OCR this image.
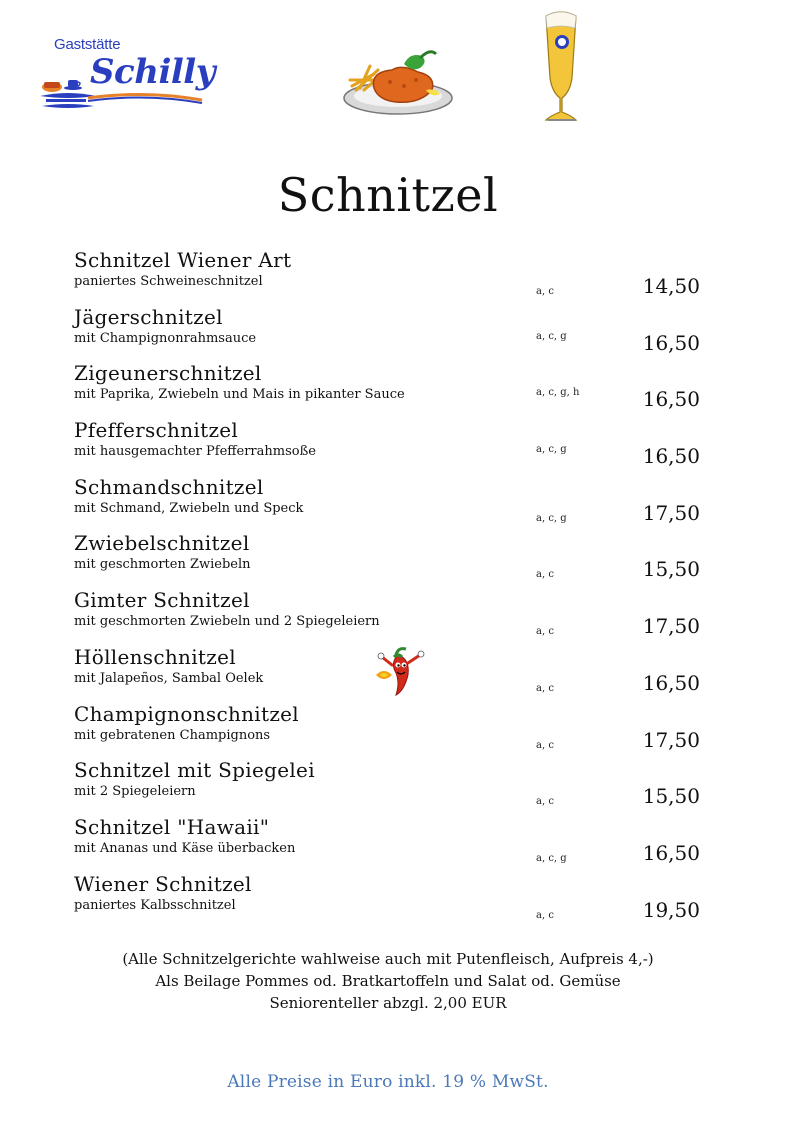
Gaststätte
Schilly
Schnitzel
Schnitzel Wiener Art
paniertes Schweineschnitzel
a, c	14,50
Jägerschnitzel
mit Champignonrahmsauce	a, c, g	16,50
Zigeunerschnitzel
mit Paprika, Zwiebeln und Mais in pikanter Sauce	a, c, g, h	16,50
Pfefferschnitzel
mit hausgemachter Pfefferrahmsoße	a, c, g	16,50
Schmandschnitzel
mit Schmand, Zwiebeln und Speck
a, c, g	17,50
Zwiebelschnitzel
mit geschmorten Zwiebeln
a, c	15,50
Gimter Schnitzel
mit geschmorten Zwiebeln und 2 Spiegeleiern
a, c	17,50
Höllenschnitzel
mit Jalapeños, Sambal Oelek
a, c	16,50
Champignonschnitzel
mit gebratenen Champignons
a, c	17,50
Schnitzel mit Spiegelei
mit 2 Spiegeleiern
a, c	15,50
Schnitzel "Hawaii"
mit Ananas und Käse überbacken
a, c, g	16,50
Wiener Schnitzel
paniertes Kalbsschnitzel
a, c	19,50

(Alle Schnitzelgerichte wahlweise auch mit Putenfleisch, Aufpreis 4,-)

Als Beilage Pommes od. Bratkartoffeln und Salat od. Gemüse

Seniorenteller abzgl. 2,00 EUR

Alle Preise in Euro inkl. 19 % MwSt.
